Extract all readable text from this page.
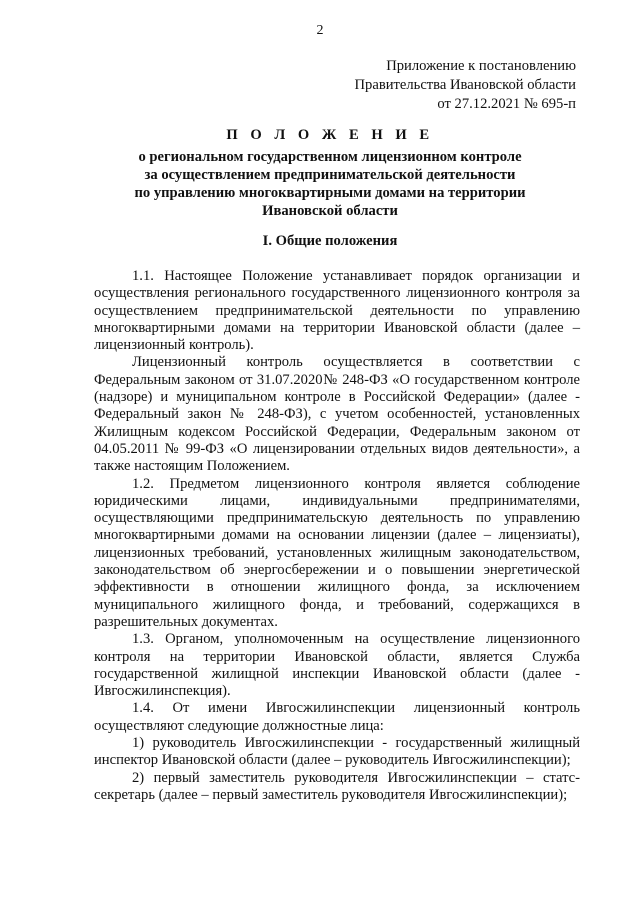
2
Приложение к постановлению
Правительства Ивановской области
от 27.12.2021 № 695-п
П О Л О Ж Е Н И Е
о региональном государственном лицензионном контроле
за осуществлением предпринимательской деятельности
по управлению многоквартирными домами на территории
Ивановской области
I. Общие положения

1.1. Настоящее Положение устанавливает порядок организации и осуществления регионального государственного лицензионного контроля за осуществлением предпринимательской деятельности по управлению многоквартирными домами на территории Ивановской области (далее – лицензионный контроль).

Лицензионный контроль осуществляется в соответствии с Федеральным законом от 31.07.2020№ 248-ФЗ «О государственном контроле (надзоре) и муниципальном контроле в Российской Федерации» (далее - Федеральный закон № 248-ФЗ), с учетом особенностей, установленных Жилищным кодексом Российской Федерации, Федеральным законом от 04.05.2011 № 99-ФЗ «О лицензировании отдельных видов деятельности», а также настоящим Положением.

1.2. Предметом лицензионного контроля является соблюдение юридическими лицами, индивидуальными предпринимателями, осуществляющими предпринимательскую деятельность по управлению многоквартирными домами на основании лицензии (далее – лицензиаты), лицензионных требований, установленных жилищным законодательством, законодательством об энергосбережении и о повышении энергетической эффективности в отношении жилищного фонда, за исключением муниципального жилищного фонда, и требований, содержащихся в разрешительных документах.

1.3. Органом, уполномоченным на осуществление лицензионного контроля на территории Ивановской области, является Служба государственной жилищной инспекции Ивановской области (далее - Ивгосжилинспекция).

1.4. От имени Ивгосжилинспекции лицензионный контроль осуществляют следующие должностные лица:

1) руководитель Ивгосжилинспекции - государственный жилищный инспектор Ивановской области (далее – руководитель Ивгосжилинспекции);

2) первый заместитель руководителя Ивгосжилинспекции – статс-секретарь (далее – первый заместитель руководителя Ивгосжилинспекции);
